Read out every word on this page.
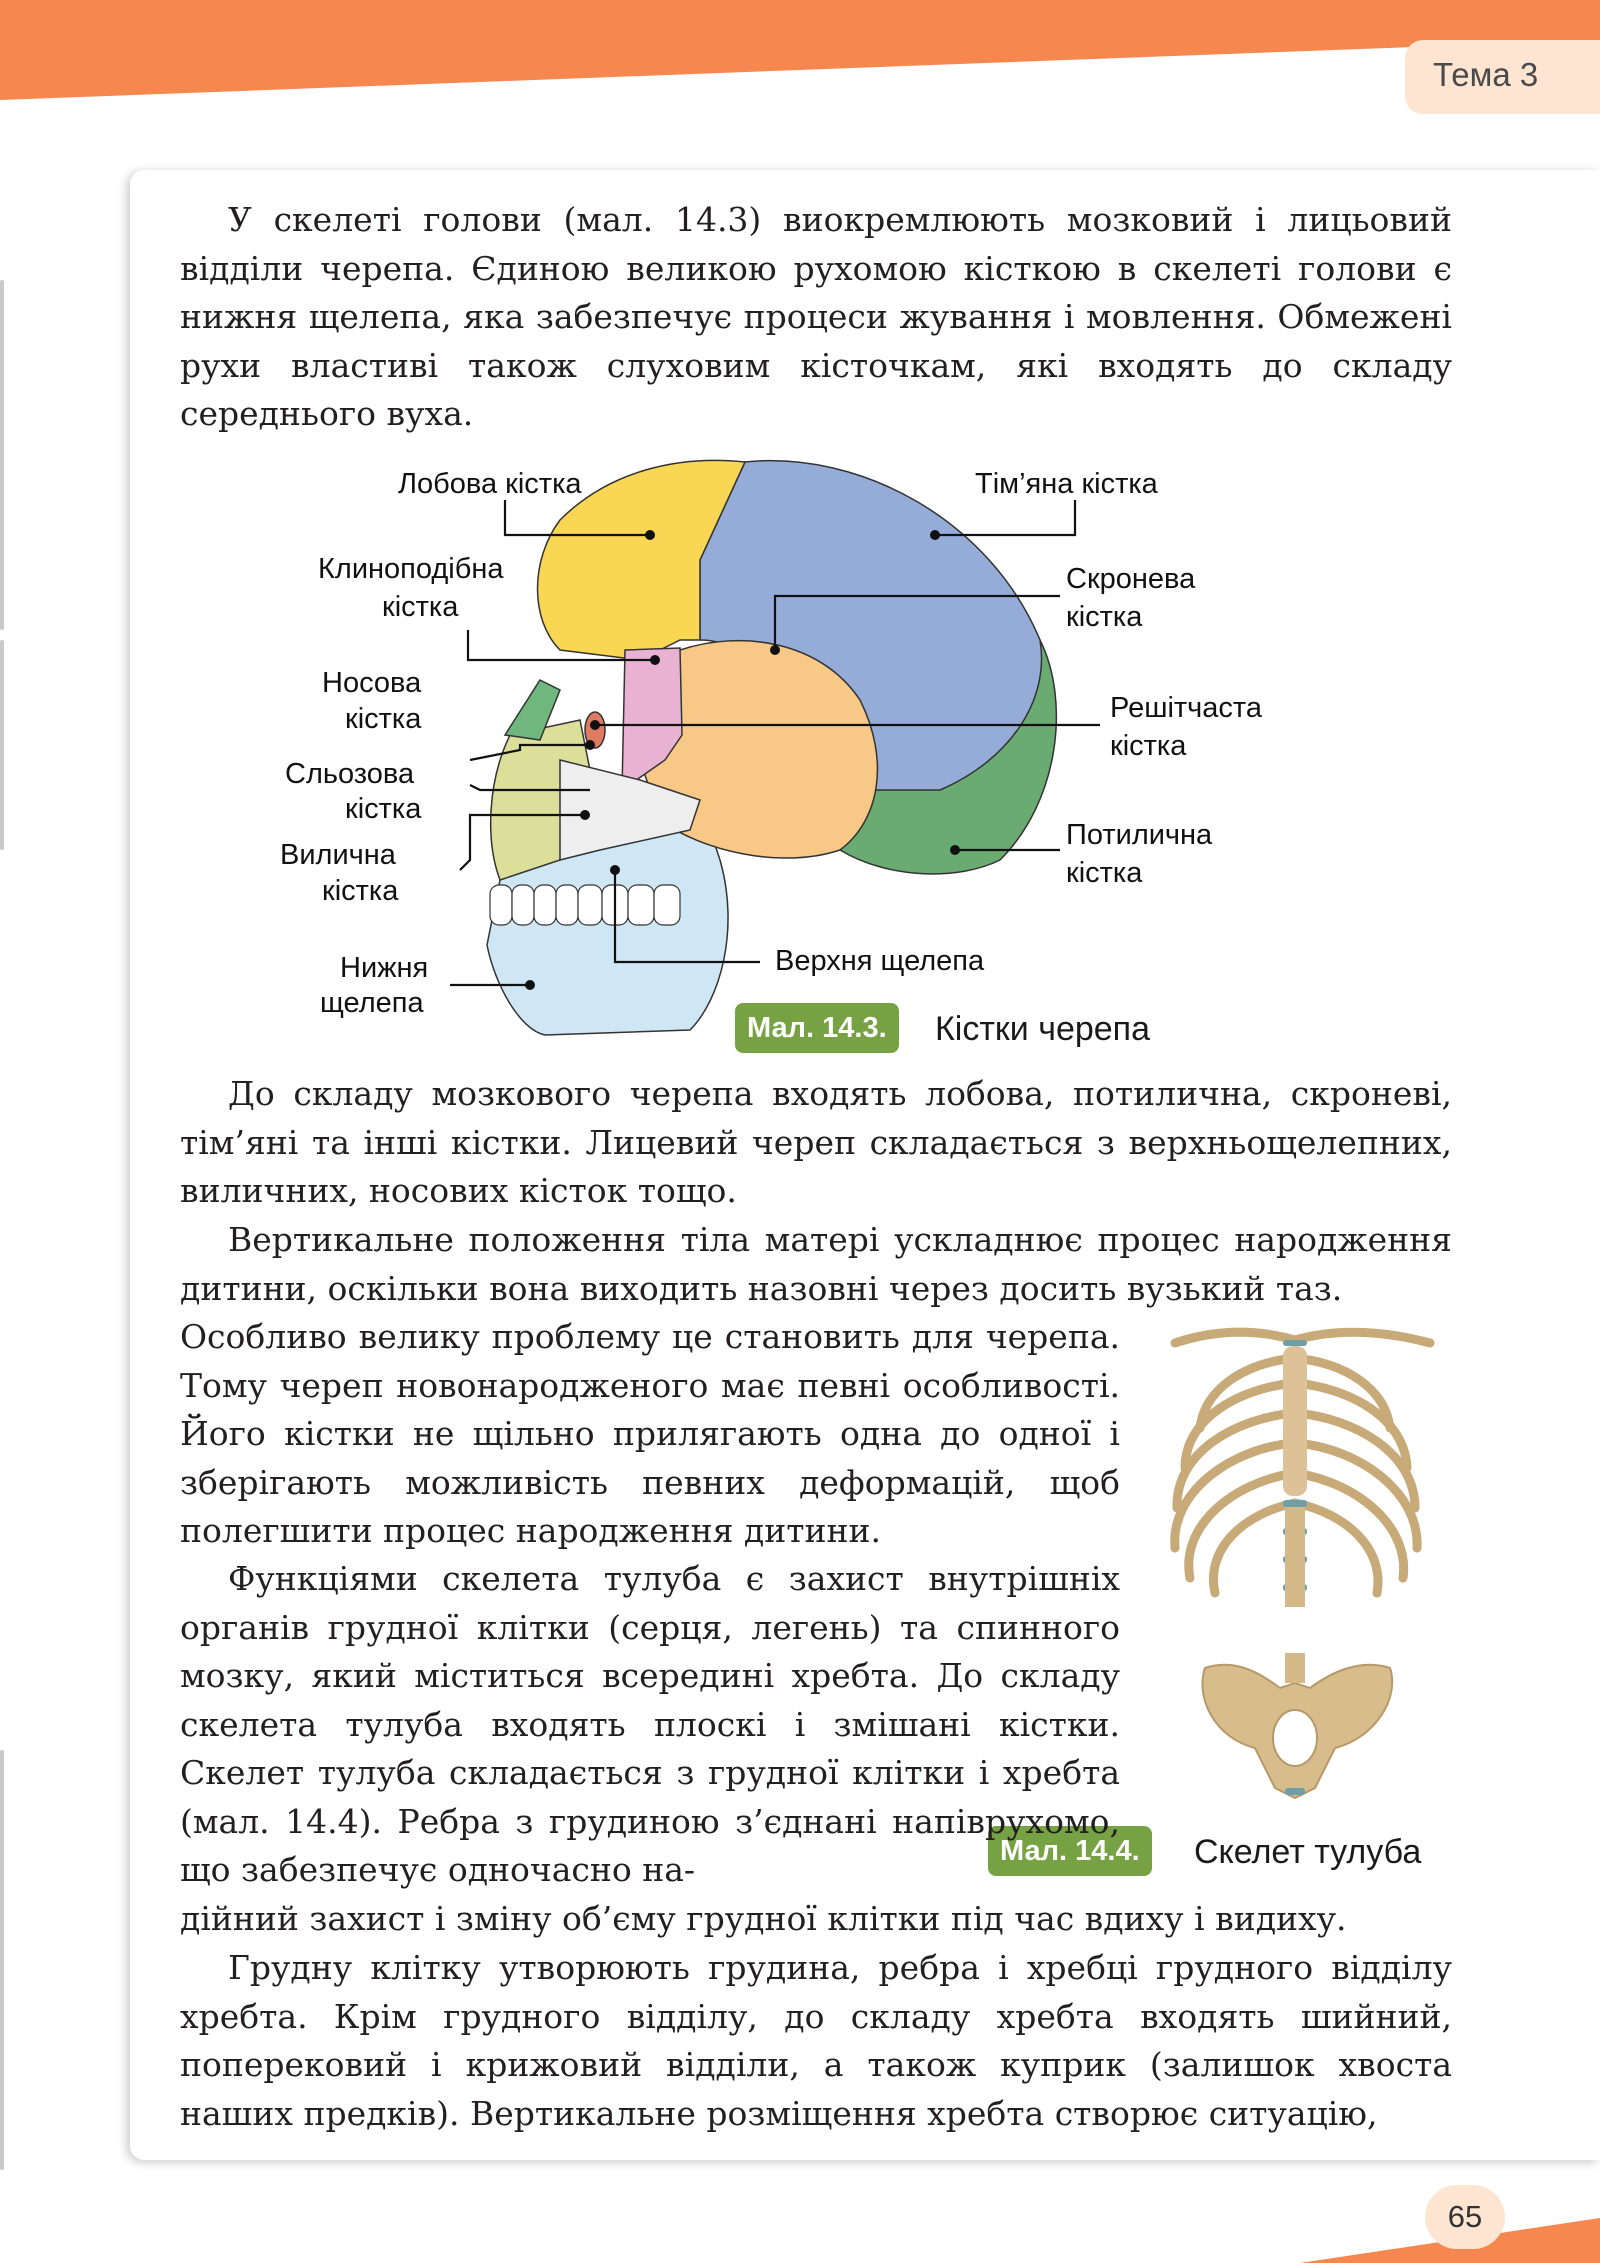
Тема 3

У скелеті голови (мал. 14.3) виокремлюють мозковий і лицьовий відділи черепа. Єдиною великою рухомою кісткою в скелеті голови є нижня щелепа, яка забезпечує процеси жування і мовлення. Обмежені рухи властиві також слуховим кісточкам, які входять до складу середнього вуха.

Лобова кістка	Тім’яна кістка
Клиноподібна
кістка
Скронева
кістка
Носова
кістка	Решітчаста
кістка
Сльозова
кістка
Потилична
кістка
Вилична
кістка
Верхня щелепа
Нижня
щелепа
Мал. 14.3.	Кістки черепа

До складу мозкового черепа входять лобова, потилична, скроневі, тім’яні та інші кістки. Лицевий череп складається з верхньощелепних, виличних, носових кісток тощо.

Вертикальне положення тіла матері ускладнює процес народження дитини, оскільки вона виходить назовні через досить вузький таз.

Особливо велику проблему це становить для черепа. Тому череп новонародженого має певні особливості. Його кістки не щільно прилягають одна до одної і зберігають можливість певних деформацій, щоб полегшити процес народження дитини.

Мал. 14.4.	Скелет тулуба

Функціями скелета тулуба є захист внутрішніх органів грудної клітки (серця, легень) та спинного мозку, який міститься всередині хребта. До складу скелета тулуба входять плоскі і змішані кістки. Скелет тулуба складається з грудної клітки і хребта (мал. 14.4). Ребра з грудиною з’єднані напіврухомо, що забезпечує одночасно на-

дійний захист і зміну об’єму грудної клітки під час вдиху і видиху.

Грудну клітку утворюють грудина, ребра і хребці грудного відділу хребта. Крім грудного відділу, до складу хребта входять шийний, поперековий і крижовий відділи, а також куприк (залишок хвоста наших предків). Вертикальне розміщення хребта створює ситуацію,

65
